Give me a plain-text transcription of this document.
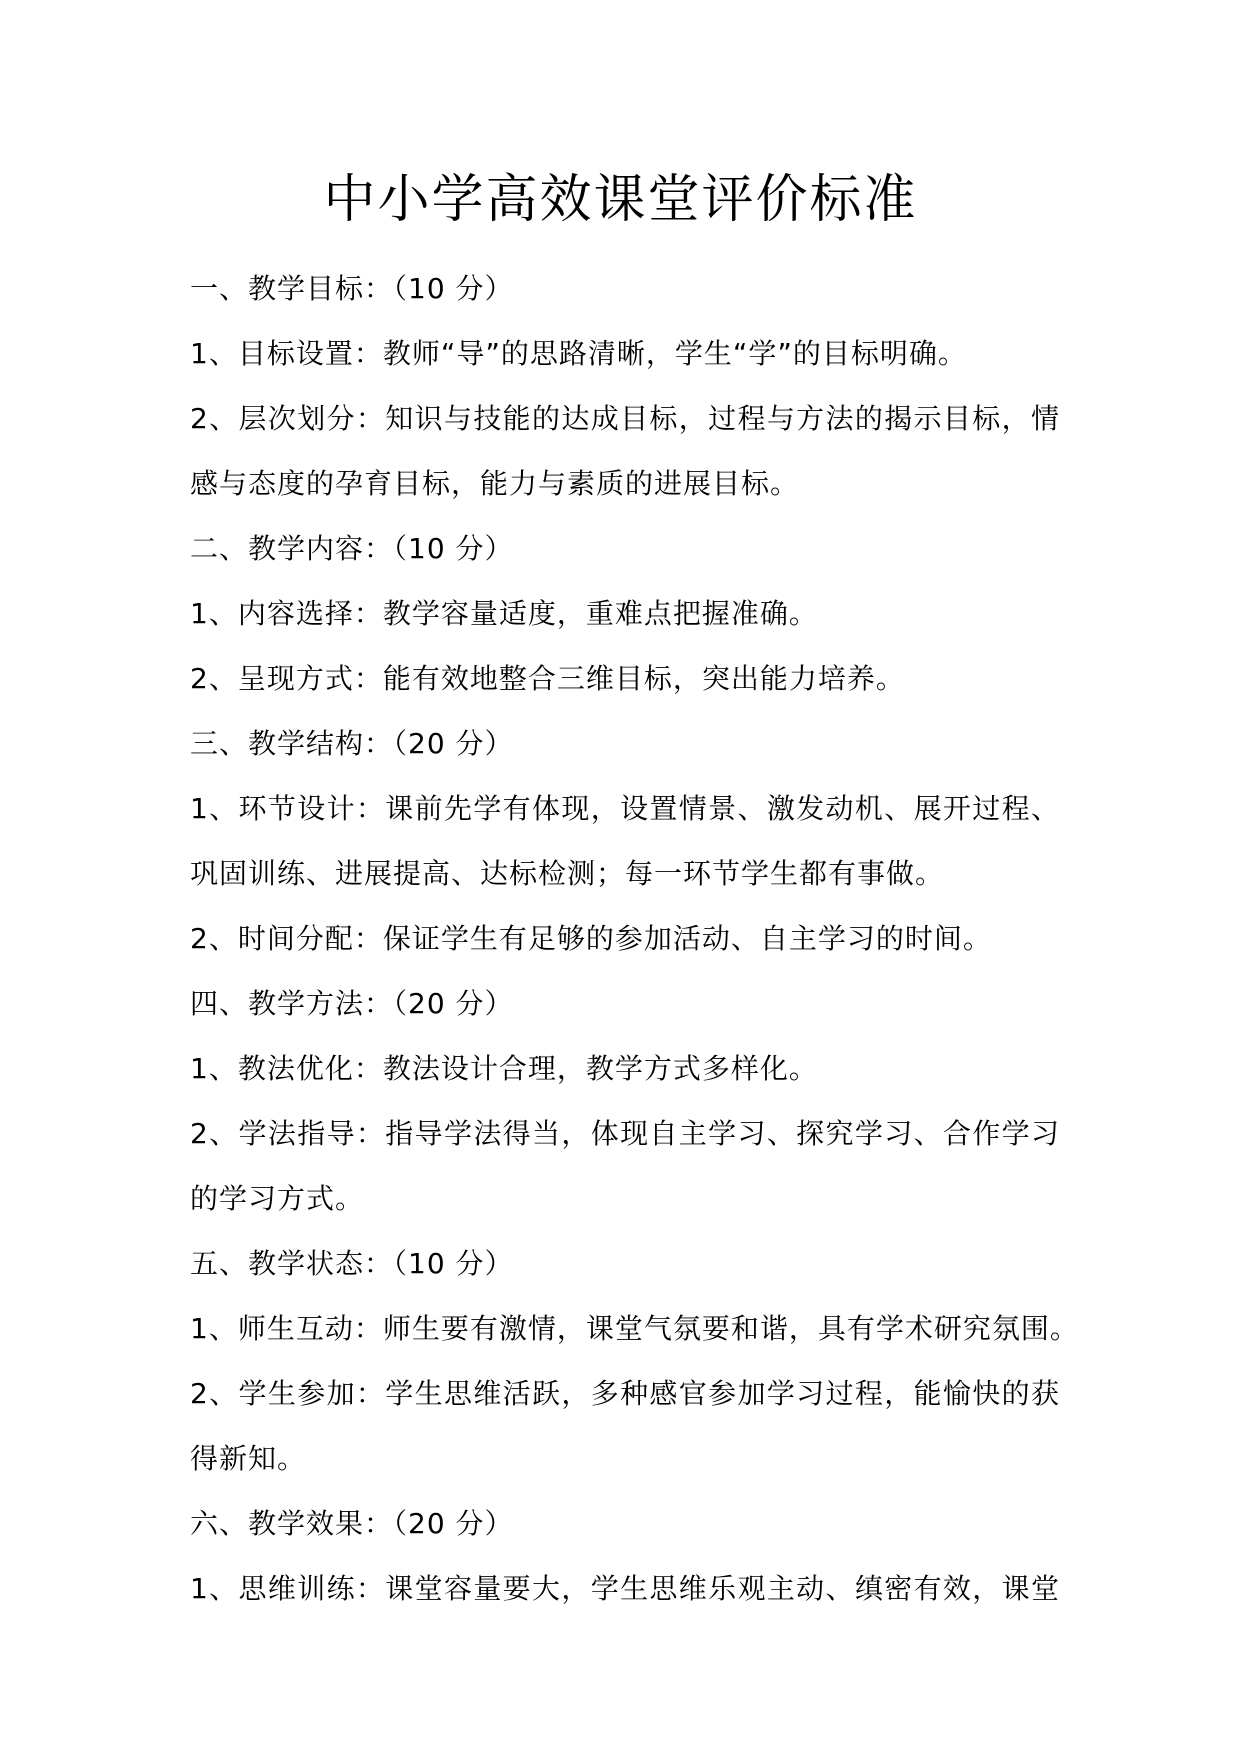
中小学高效课堂评价标准
一、教学目标：（10 分）
1、目标设置：教师“导”的思路清晰，学生“学”的目标明确。
2、层次划分：知识与技能的达成目标，过程与方法的揭示目标，情
感与态度的孕育目标，能力与素质的进展目标。
二、教学内容：（10 分）
1、内容选择：教学容量适度，重难点把握准确。
2、呈现方式：能有效地整合三维目标，突出能力培养。
三、教学结构：（20 分）
1、环节设计：课前先学有体现，设置情景、激发动机、展开过程、
巩固训练、进展提高、达标检测；每一环节学生都有事做。
2、时间分配：保证学生有足够的参加活动、自主学习的时间。
四、教学方法：（20 分）
1、教法优化：教法设计合理，教学方式多样化。
2、学法指导：指导学法得当，体现自主学习、探究学习、合作学习
的学习方式。
五、教学状态：（10 分）
1、师生互动：师生要有激情，课堂气氛要和谐，具有学术研究氛围。
2、学生参加：学生思维活跃，多种感官参加学习过程，能愉快的获
得新知。
六、教学效果：（20 分）
1、思维训练：课堂容量要大，学生思维乐观主动、缜密有效，课堂
